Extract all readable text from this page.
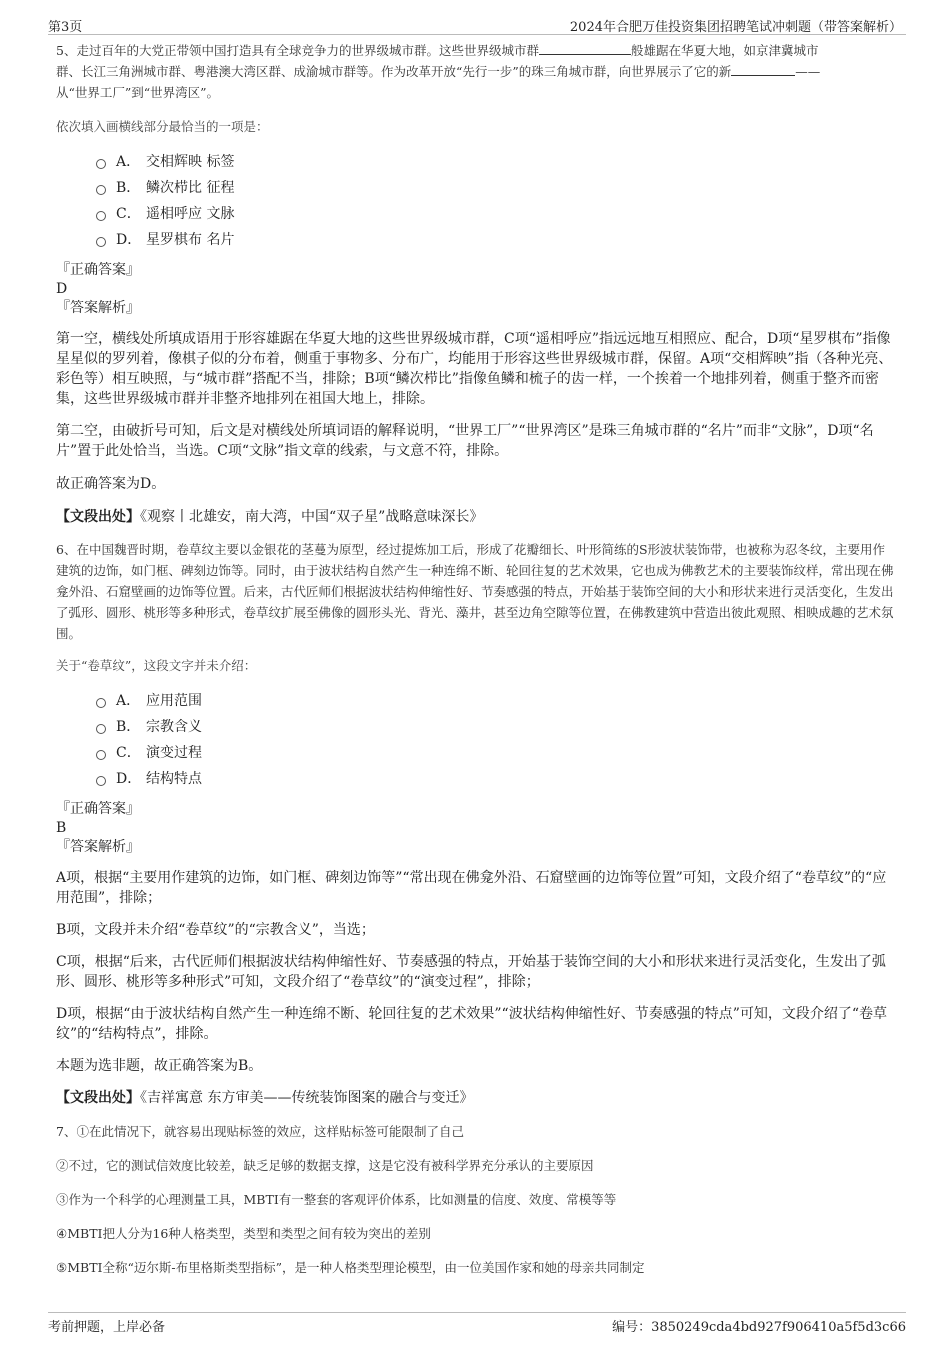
第3页	2024年合肥万佳投资集团招聘笔试冲刺题（带答案解析）

5、走过百年的大党正带领中国打造具有全球竞争力的世界级城市群。这些世界级城市群	般雄踞在华夏大地，如京津冀城市
群、长江三角洲城市群、粤港澳大湾区群、成渝城市群等。作为改革开放“先行一步”的珠三角城市群，向世界展示了它的新	——
从“世界工厂”到“世界湾区”。

依次填入画横线部分最恰当的一项是：

A． 交相辉映 标签
B． 鳞次栉比 征程
C． 遥相呼应 文脉
D． 星罗棋布 名片

『正确答案』

D

『答案解析』

第一空，横线处所填成语用于形容雄踞在华夏大地的这些世界级城市群，C项“遥相呼应”指远远地互相照应、配合，D项“星罗棋布”指像星星似的罗列着，像棋子似的分布着，侧重于事物多、分布广，均能用于形容这些世界级城市群，保留。A项“交相辉映”指（各种光亮、彩色等）相互映照，与“城市群”搭配不当，排除；B项“鳞次栉比”指像鱼鳞和梳子的齿一样，一个挨着一个地排列着，侧重于整齐而密集，这些世界级城市群并非整齐地排列在祖国大地上，排除。

第二空，由破折号可知，后文是对横线处所填词语的解释说明，“世界工厂”“世界湾区”是珠三角城市群的“名片”而非“文脉”，D项“名片”置于此处恰当，当选。C项“文脉”指文章的线索，与文意不符，排除。

故正确答案为D。

【文段出处】《观察丨北雄安，南大湾，中国“双子星”战略意味深长》

6、在中国魏晋时期，卷草纹主要以金银花的茎蔓为原型，经过提炼加工后，形成了花瓣细长、叶形简练的S形波状装饰带，也被称为忍冬纹，主要用作建筑的边饰，如门框、碑刻边饰等。同时，由于波状结构自然产生一种连绵不断、轮回往复的艺术效果，它也成为佛教艺术的主要装饰纹样，常出现在佛龛外沿、石窟壁画的边饰等位置。后来，古代匠师们根据波状结构伸缩性好、节奏感强的特点，开始基于装饰空间的大小和形状来进行灵活变化，生发出了弧形、圆形、桃形等多种形式，卷草纹扩展至佛像的圆形头光、背光、藻井，甚至边角空隙等位置，在佛教建筑中营造出彼此观照、相映成趣的艺术氛围。

关于“卷草纹”，这段文字并未介绍：

A． 应用范围
B． 宗教含义
C． 演变过程
D． 结构特点

『正确答案』

B

『答案解析』

A项，根据“主要用作建筑的边饰，如门框、碑刻边饰等”“常出现在佛龛外沿、石窟壁画的边饰等位置”可知，文段介绍了“卷草纹”的“应用范围”，排除；

B项，文段并未介绍“卷草纹”的“宗教含义”，当选；

C项，根据“后来，古代匠师们根据波状结构伸缩性好、节奏感强的特点，开始基于装饰空间的大小和形状来进行灵活变化，生发出了弧形、圆形、桃形等多种形式”可知，文段介绍了“卷草纹”的“演变过程”，排除；

D项，根据“由于波状结构自然产生一种连绵不断、轮回往复的艺术效果”“波状结构伸缩性好、节奏感强的特点”可知，文段介绍了“卷草纹”的“结构特点”，排除。

本题为选非题，故正确答案为B。

【文段出处】《吉祥寓意 东方审美——传统装饰图案的融合与变迁》

7、①在此情况下，就容易出现贴标签的效应，这样贴标签可能限制了自己

②不过，它的测试信效度比较差，缺乏足够的数据支撑，这是它没有被科学界充分承认的主要原因

③作为一个科学的心理测量工具，MBTI有一整套的客观评价体系，比如测量的信度、效度、常模等等

④MBTI把人分为16种人格类型，类型和类型之间有较为突出的差别

⑤MBTI全称“迈尔斯-布里格斯类型指标”，是一种人格类型理论模型，由一位美国作家和她的母亲共同制定

考前押题，上岸必备	编号：3850249cda4bd927f906410a5f5d3c66
